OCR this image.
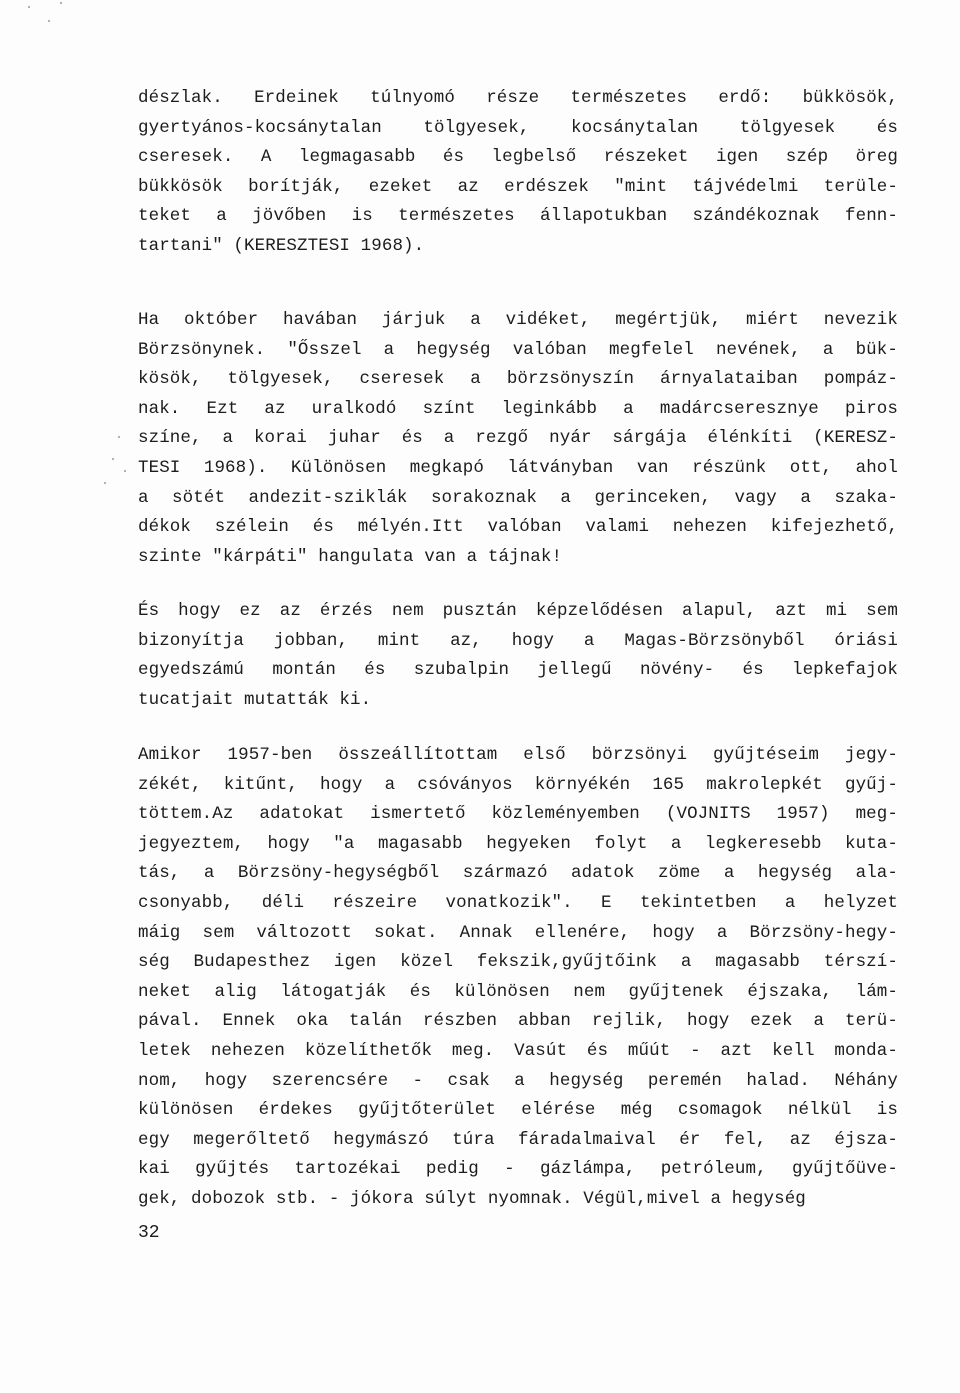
dészlak. Erdeinek túlnyomó része természetes erdő: bükkösök,
gyertyános-kocsánytalan tölgyesek, kocsánytalan tölgyesek és
cseresek. A legmagasabb és legbelső részeket igen szép öreg
bükkösök borítják, ezeket az erdészek "mint tájvédelmi terüle-
teket a jövőben is természetes állapotukban szándékoznak fenn-
tartani" (KERESZTESI 1968).
Ha október havában járjuk a vidéket, megértjük, miért nevezik
Börzsönynek. "Ősszel a hegység valóban megfelel nevének, a bük-
kösök, tölgyesek, cseresek a börzsönyszín árnyalataiban pompáz-
nak. Ezt az uralkodó színt leginkább a madárcseresznye piros
színe, a korai juhar és a rezgő nyár sárgája élénkíti (KERESZ-
TESI 1968). Különösen megkapó látványban van részünk ott, ahol
a sötét andezit-sziklák sorakoznak a gerinceken, vagy a szaka-
dékok szélein és mélyén.Itt valóban valami nehezen kifejezhető,
szinte "kárpáti" hangulata van a tájnak!
És hogy ez az érzés nem pusztán képzelődésen alapul, azt mi sem
bizonyítja jobban, mint az, hogy a Magas-Börzsönyből óriási
egyedszámú montán és szubalpin jellegű növény- és lepkefajok
tucatjait mutatták ki.
Amikor 1957-ben összeállítottam első börzsönyi gyűjtéseim jegy-
zékét, kitűnt, hogy a csóványos környékén 165 makrolepkét gyűj-
töttem.Az adatokat ismertető közleményemben (VOJNITS 1957) meg-
jegyeztem, hogy "a magasabb hegyeken folyt a legkeresebb kuta-
tás, a Börzsöny-hegységből származó adatok zöme a hegység ala-
csonyabb, déli részeire vonatkozik". E tekintetben a helyzet
máig sem változott sokat. Annak ellenére, hogy a Börzsöny-hegy-
ség Budapesthez igen közel fekszik,gyűjtőink a magasabb térszí-
neket alig látogatják és különösen nem gyűjtenek éjszaka, lám-
pával. Ennek oka talán részben abban rejlik, hogy ezek a terü-
letek nehezen közelíthetők meg. Vasút és műút - azt kell monda-
nom, hogy szerencsére - csak a hegység peremén halad. Néhány
különösen érdekes gyűjtőterület elérése még csomagok nélkül is
egy megerőltető hegymászó túra fáradalmaival ér fel, az éjsza-
kai gyűjtés tartozékai pedig - gázlámpa, petróleum, gyűjtőüve-
gek, dobozok stb. - jókora súlyt nyomnak. Végül,mivel a hegység
32
